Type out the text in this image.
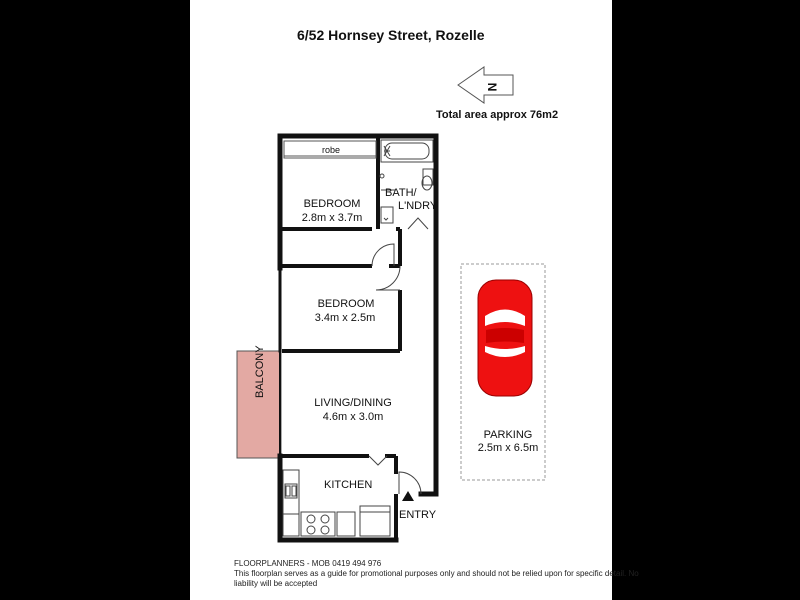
6/52 Hornsey Street, Rozelle
Total area approx 76m2
N
robe
BEDROOM
2.8m x 3.7m
BATH/
L'NDRY
BEDROOM
3.4m x 2.5m
LIVING/DINING
4.6m x 3.0m
BALCONY
KITCHEN
ENTRY
PARKING
2.5m x 6.5m
FLOORPLANNERS - MOB 0419 494 976
This floorplan serves as a guide for promotional purposes only and should not be relied upon for specific detail. No
liability will be accepted
